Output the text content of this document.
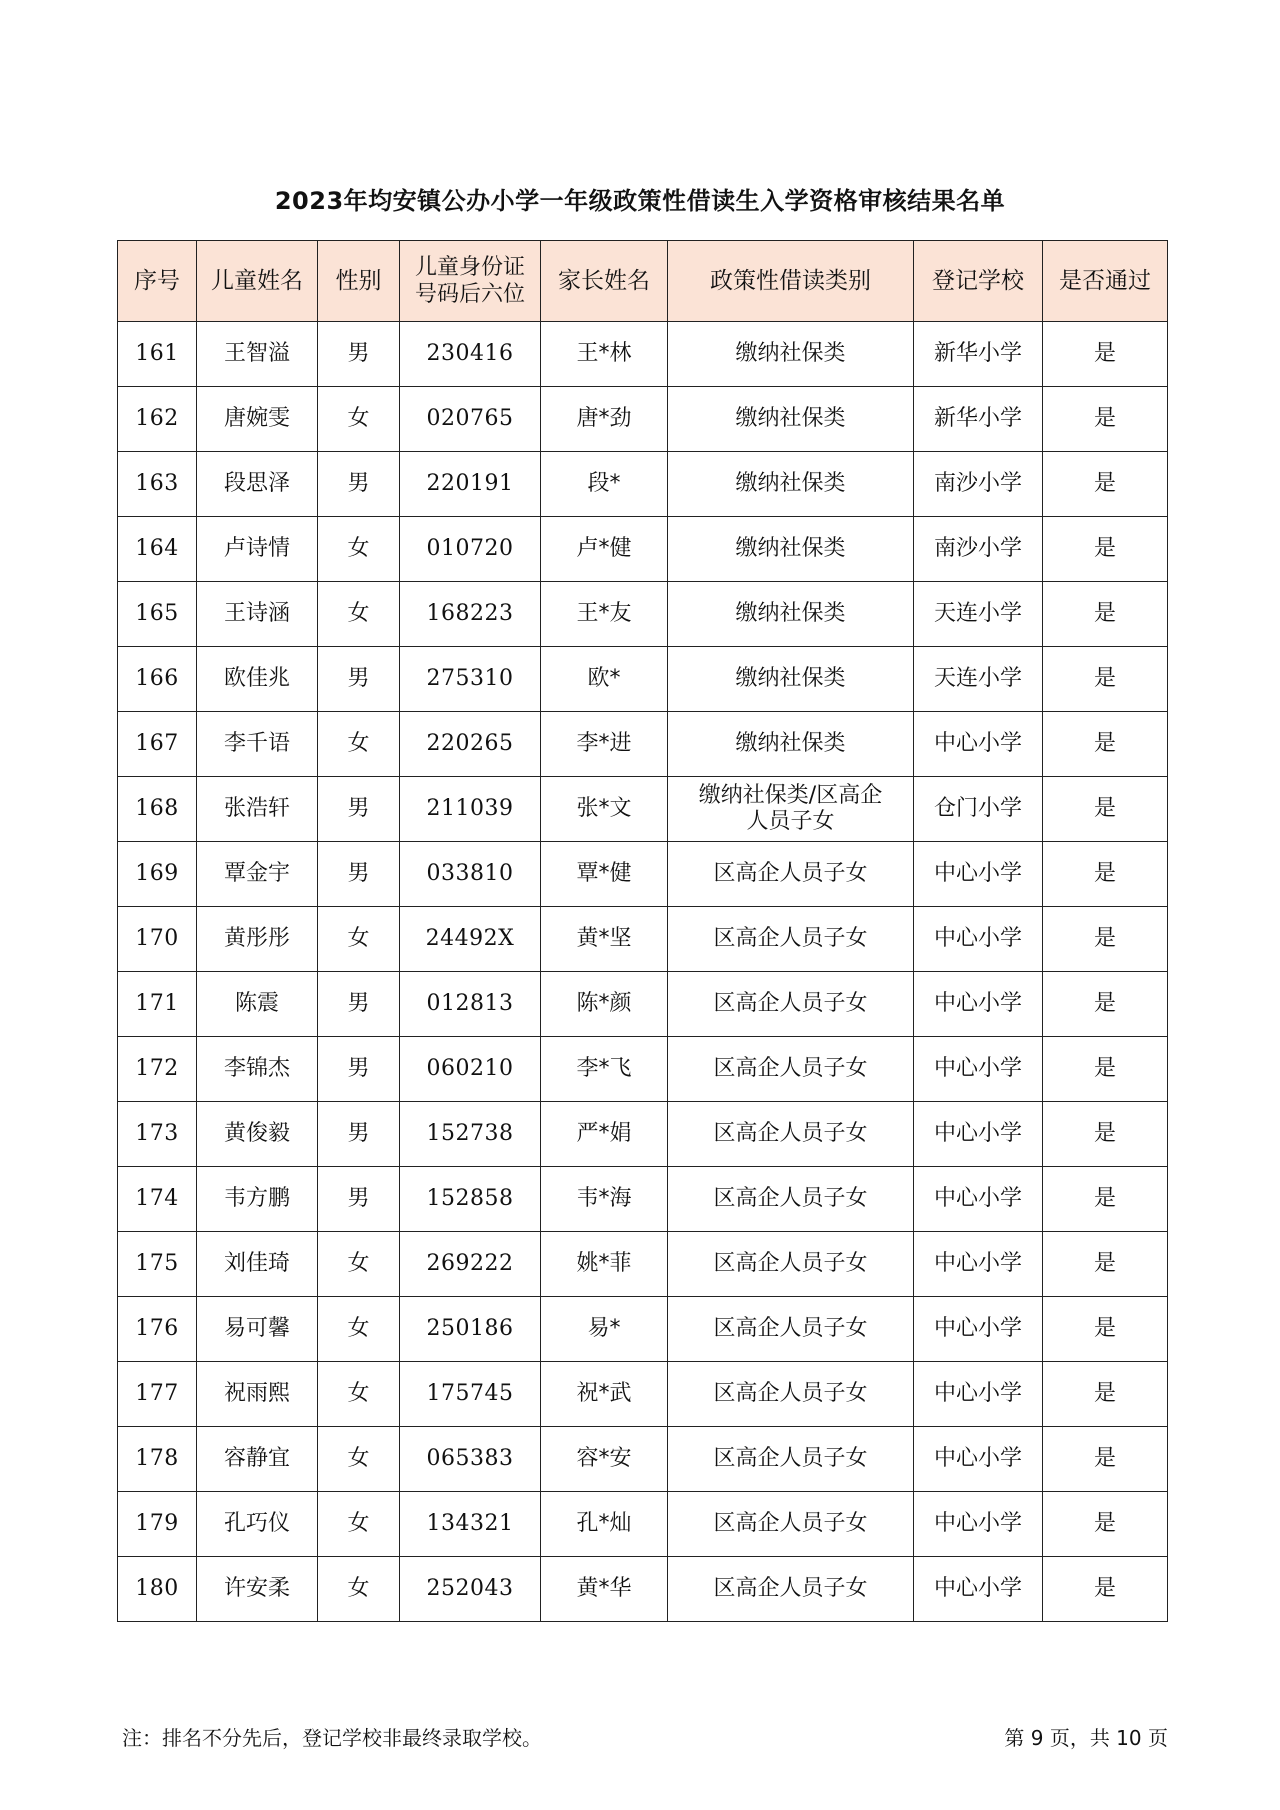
2023年均安镇公办小学一年级政策性借读生入学资格审核结果名单
序号	儿童姓名	性别	儿童身份证
号码后六位	家长姓名	政策性借读类别	登记学校	是否通过
161	王智溢	男	230416	王*林	缴纳社保类	新华小学	是
162	唐婉雯	女	020765	唐*劲	缴纳社保类	新华小学	是
163	段思泽	男	220191	段*	缴纳社保类	南沙小学	是
164	卢诗情	女	010720	卢*健	缴纳社保类	南沙小学	是
165	王诗涵	女	168223	王*友	缴纳社保类	天连小学	是
166	欧佳兆	男	275310	欧*	缴纳社保类	天连小学	是
167	李千语	女	220265	李*进	缴纳社保类	中心小学	是
168	张浩轩	男	211039	张*文	缴纳社保类/区高企
人员子女	仓门小学	是
169	覃金宇	男	033810	覃*健	区高企人员子女	中心小学	是
170	黄彤彤	女	24492X	黄*坚	区高企人员子女	中心小学	是
171	陈震	男	012813	陈*颜	区高企人员子女	中心小学	是
172	李锦杰	男	060210	李*飞	区高企人员子女	中心小学	是
173	黄俊毅	男	152738	严*娟	区高企人员子女	中心小学	是
174	韦方鹏	男	152858	韦*海	区高企人员子女	中心小学	是
175	刘佳琦	女	269222	姚*菲	区高企人员子女	中心小学	是
176	易可馨	女	250186	易*	区高企人员子女	中心小学	是
177	祝雨熙	女	175745	祝*武	区高企人员子女	中心小学	是
178	容静宜	女	065383	容*安	区高企人员子女	中心小学	是
179	孔巧仪	女	134321	孔*灿	区高企人员子女	中心小学	是
180	许安柔	女	252043	黄*华	区高企人员子女	中心小学	是
注：排名不分先后，登记学校非最终录取学校。	第 9 页，共 10 页
